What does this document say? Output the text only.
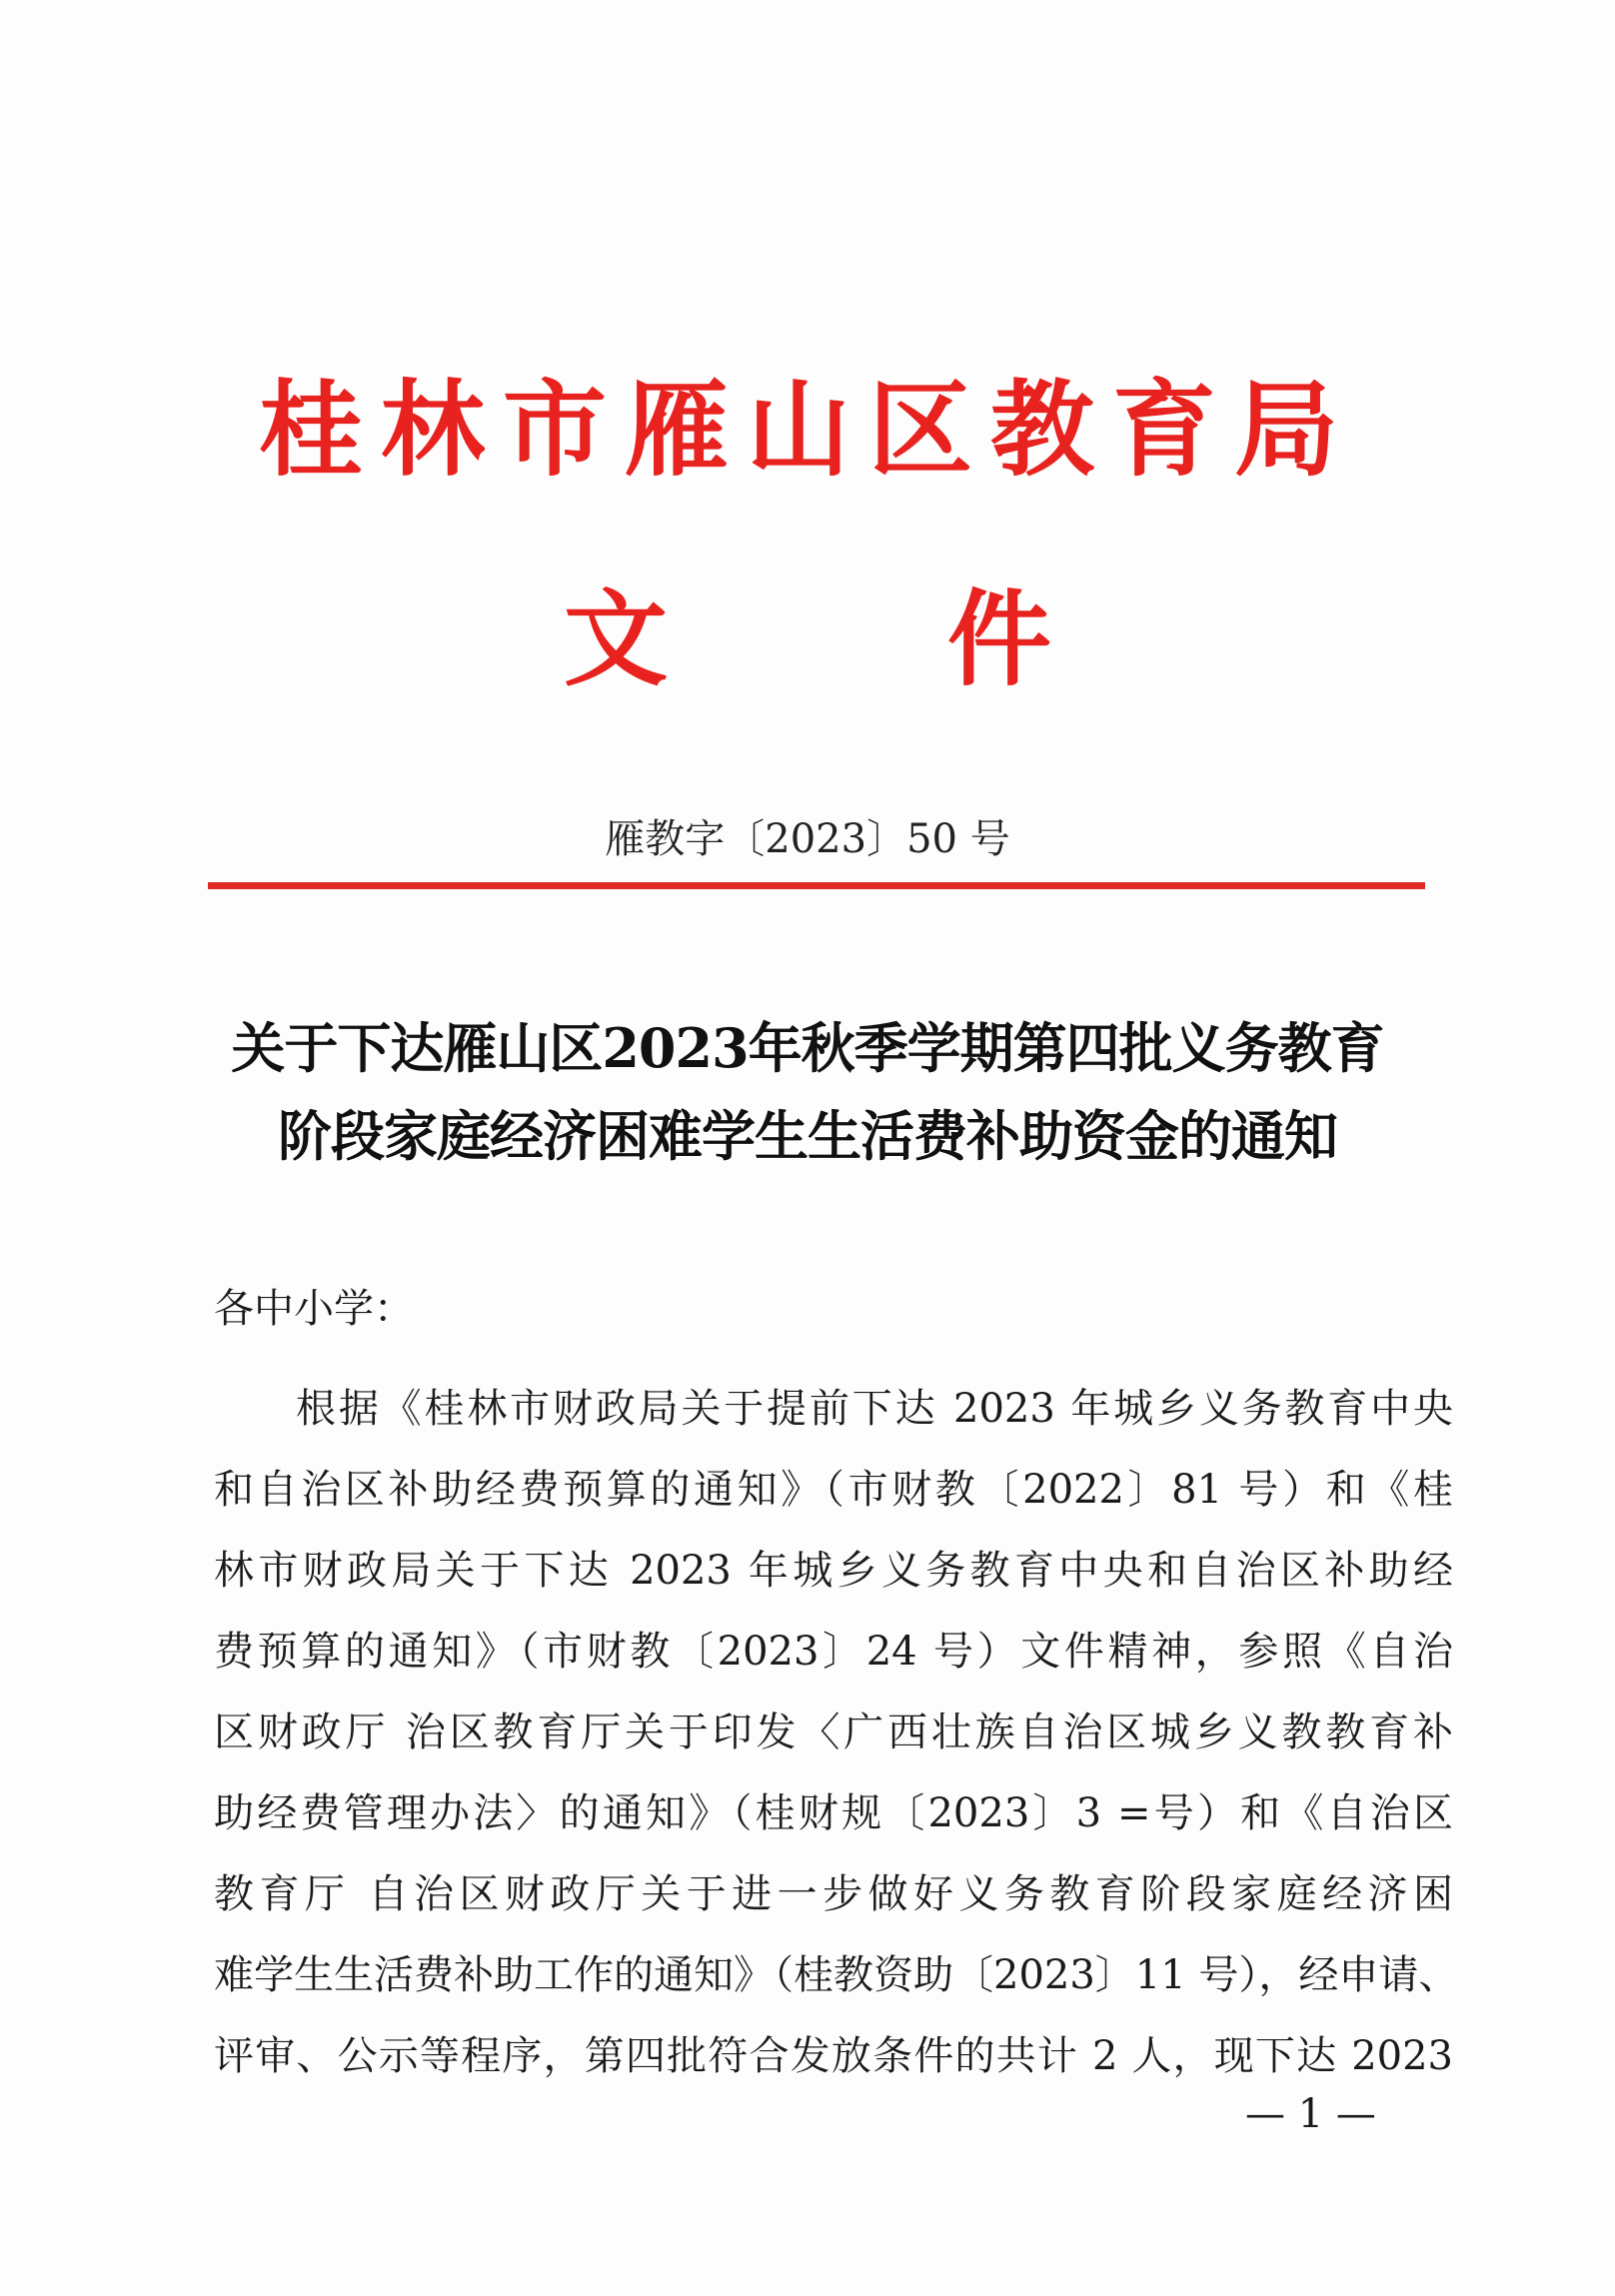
桂林市雁山区教育局
文件
雁教字〔2023〕50 号
关于下达雁山区2023年秋季学期第四批义务教育
阶段家庭经济困难学生生活费补助资金的通知
各中小学：
根据《桂林市财政局关于提前下达 2023 年城乡义务教育中央
和自治区补助经费预算的通知》（市财教〔2022〕81 号）和《桂
林市财政局关于下达 2023 年城乡义务教育中央和自治区补助经
费预算的通知》（市财教〔2023〕24 号）文件精神，参照《自治
区财政厅 治区教育厅关于印发〈广西壮族自治区城乡义教教育补
助经费管理办法〉的通知》（桂财规〔2023〕3 =号）和《自治区
教育厅 自治区财政厅关于进一步做好义务教育阶段家庭经济困
难学生生活费补助工作的通知》（桂教资助〔2023〕11 号），经申请、
评审、公示等程序，第四批符合发放条件的共计 2 人，现下达 2023
— 1 —
